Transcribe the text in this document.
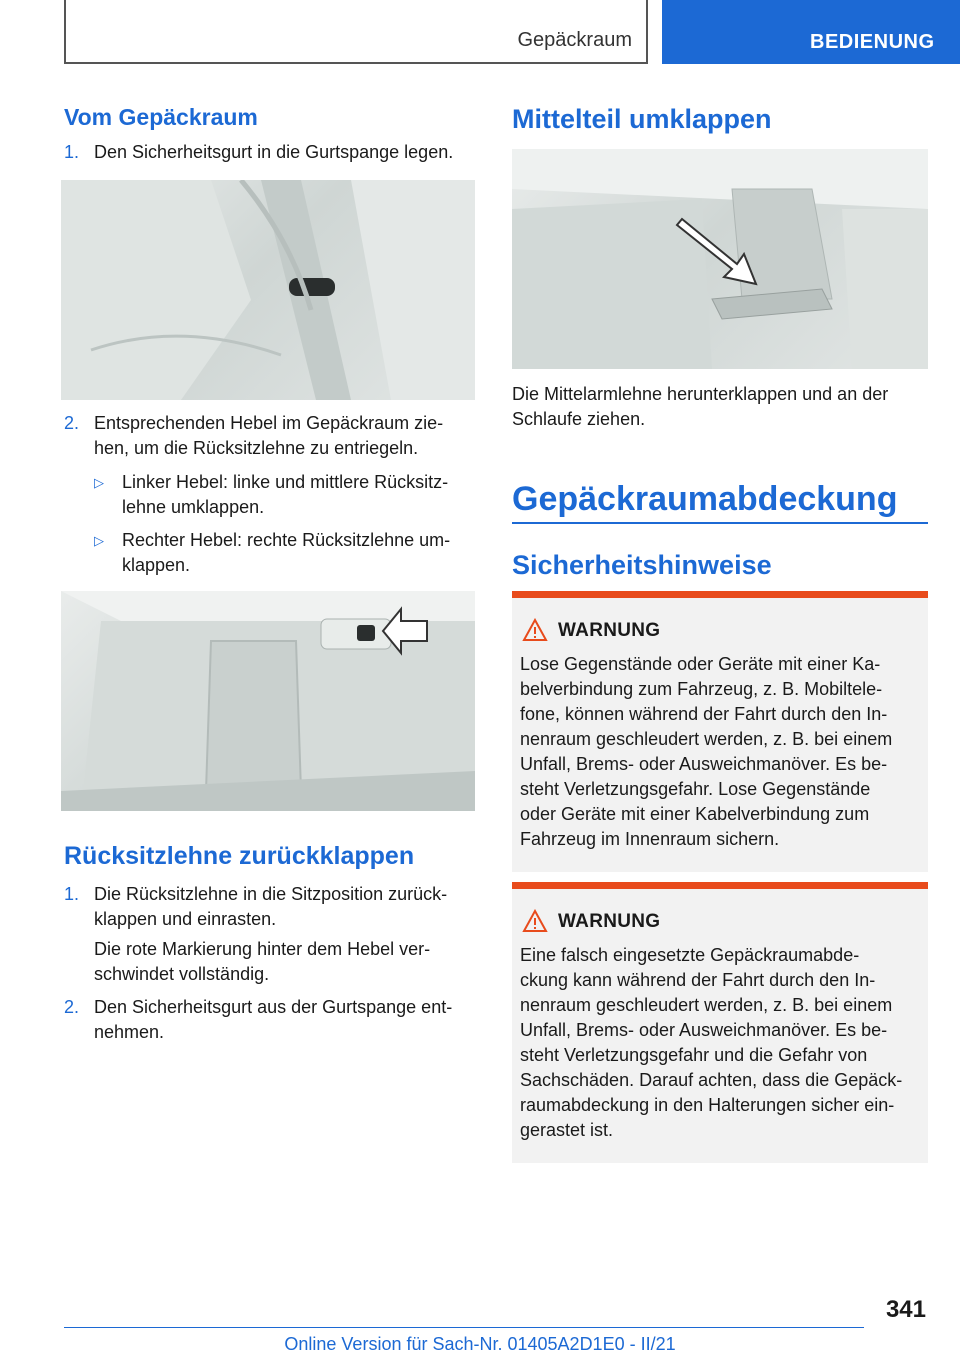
Gepäckraum	BEDIENUNG
Vom Gepäckraum
1. Den Sicherheitsgurt in die Gurtspange legen.
2. Entsprechenden Hebel im Gepäckraum zie-
hen, um die Rücksitzlehne zu entriegeln.
▷ Linker Hebel: linke und mittlere Rücksitz-
lehne umklappen.
▷ Rechter Hebel: rechte Rücksitzlehne um-
klappen.
Rücksitzlehne zurückklappen
1. Die Rücksitzlehne in die Sitzposition zurück-
klappen und einrasten.
Die rote Markierung hinter dem Hebel ver-
schwindet vollständig.
2. Den Sicherheitsgurt aus der Gurtspange ent-
nehmen.
Mittelteil umklappen
Die Mittelarmlehne herunterklappen und an der
Schlaufe ziehen.
Gepäckraumabdeckung
Sicherheitshinweise
WARNUNG
Lose Gegenstände oder Geräte mit einer Ka-
belverbindung zum Fahrzeug, z. B. Mobiltele-
fone, können während der Fahrt durch den In-
nenraum geschleudert werden, z. B. bei einem
Unfall, Brems- oder Ausweichmanöver. Es be-
steht Verletzungsgefahr. Lose Gegenstände
oder Geräte mit einer Kabelverbindung zum
Fahrzeug im Innenraum sichern.
WARNUNG
Eine falsch eingesetzte Gepäckraumabde-
ckung kann während der Fahrt durch den In-
nenraum geschleudert werden, z. B. bei einem
Unfall, Brems- oder Ausweichmanöver. Es be-
steht Verletzungsgefahr und die Gefahr von
Sachschäden. Darauf achten, dass die Gepäck-
raumabdeckung in den Halterungen sicher ein-
gerastet ist.
341
Online Version für Sach-Nr. 01405A2D1E0 - II/21
